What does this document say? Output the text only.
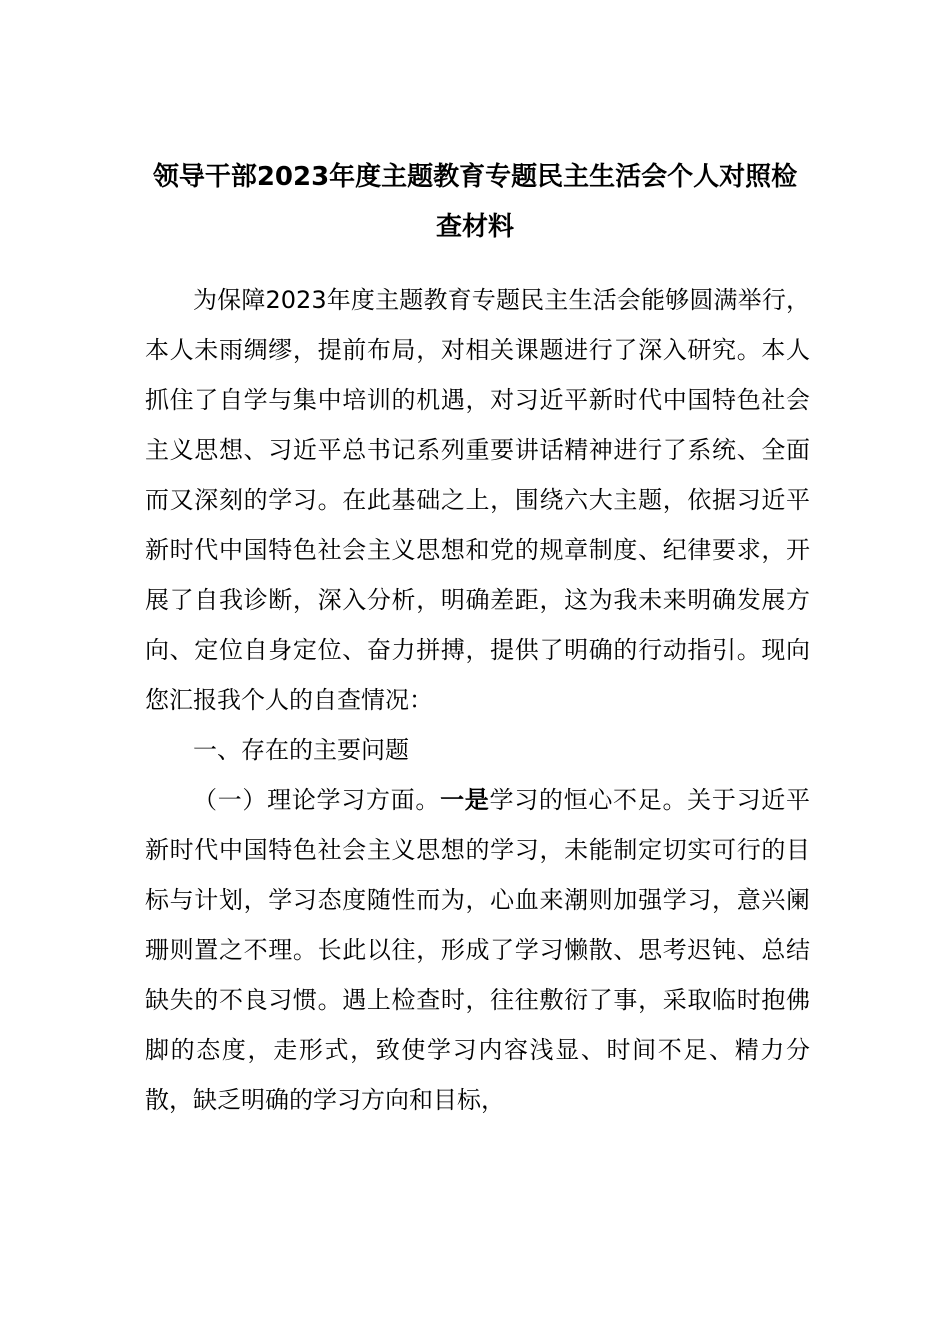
领导干部2023年度主题教育专题民主生活会个人对照检查材料

为保障2023年度主题教育专题民主生活会能够圆满举行，本人未雨绸缪，提前布局，对相关课题进行了深入研究。本人抓住了自学与集中培训的机遇，对习近平新时代中国特色社会主义思想、习近平总书记系列重要讲话精神进行了系统、全面而又深刻的学习。在此基础之上，围绕六大主题，依据习近平新时代中国特色社会主义思想和党的规章制度、纪律要求，开展了自我诊断，深入分析，明确差距，这为我未来明确发展方向、定位自身定位、奋力拼搏，提供了明确的行动指引。现向您汇报我个人的自查情况：

一、存在的主要问题

（一）理论学习方面。一是学习的恒心不足。关于习近平新时代中国特色社会主义思想的学习，未能制定切实可行的目标与计划，学习态度随性而为，心血来潮则加强学习，意兴阑珊则置之不理。长此以往，形成了学习懒散、思考迟钝、总结缺失的不良习惯。遇上检查时，往往敷衍了事，采取临时抱佛脚的态度，走形式，致使学习内容浅显、时间不足、精力分散，缺乏明确的学习方向和目标，
